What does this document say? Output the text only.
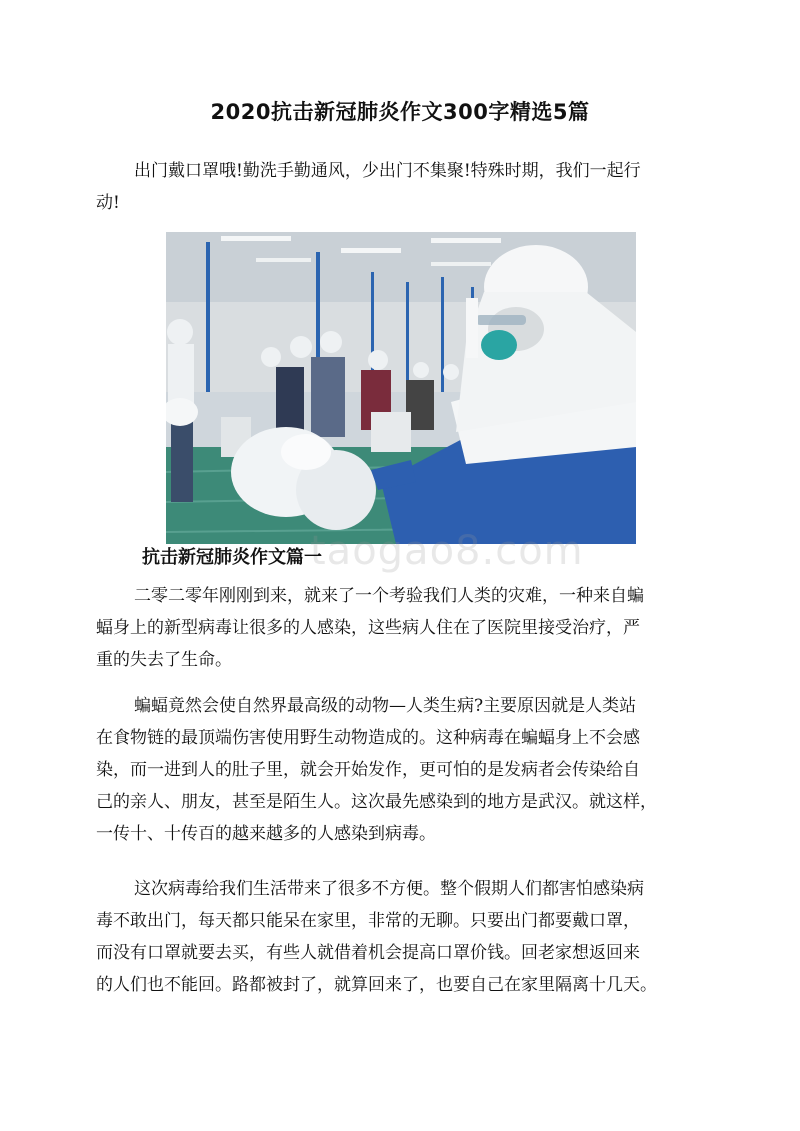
2020抗击新冠肺炎作文300字精选5篇

出门戴口罩哦!勤洗手勤通风，少出门不集聚!特殊时期，我们一起行
动!

taogao8.com
抗击新冠肺炎作文篇一

二零二零年刚刚到来，就来了一个考验我们人类的灾难，一种来自蝙
蝠身上的新型病毒让很多的人感染，这些病人住在了医院里接受治疗，严
重的失去了生命。

蝙蝠竟然会使自然界最高级的动物—人类生病?主要原因就是人类站
在食物链的最顶端伤害使用野生动物造成的。这种病毒在蝙蝠身上不会感
染，而一进到人的肚子里，就会开始发作，更可怕的是发病者会传染给自
己的亲人、朋友，甚至是陌生人。这次最先感染到的地方是武汉。就这样，
一传十、十传百的越来越多的人感染到病毒。

这次病毒给我们生活带来了很多不方便。整个假期人们都害怕感染病
毒不敢出门，每天都只能呆在家里，非常的无聊。只要出门都要戴口罩，
而没有口罩就要去买，有些人就借着机会提高口罩价钱。回老家想返回来
的人们也不能回。路都被封了，就算回来了，也要自己在家里隔离十几天。
